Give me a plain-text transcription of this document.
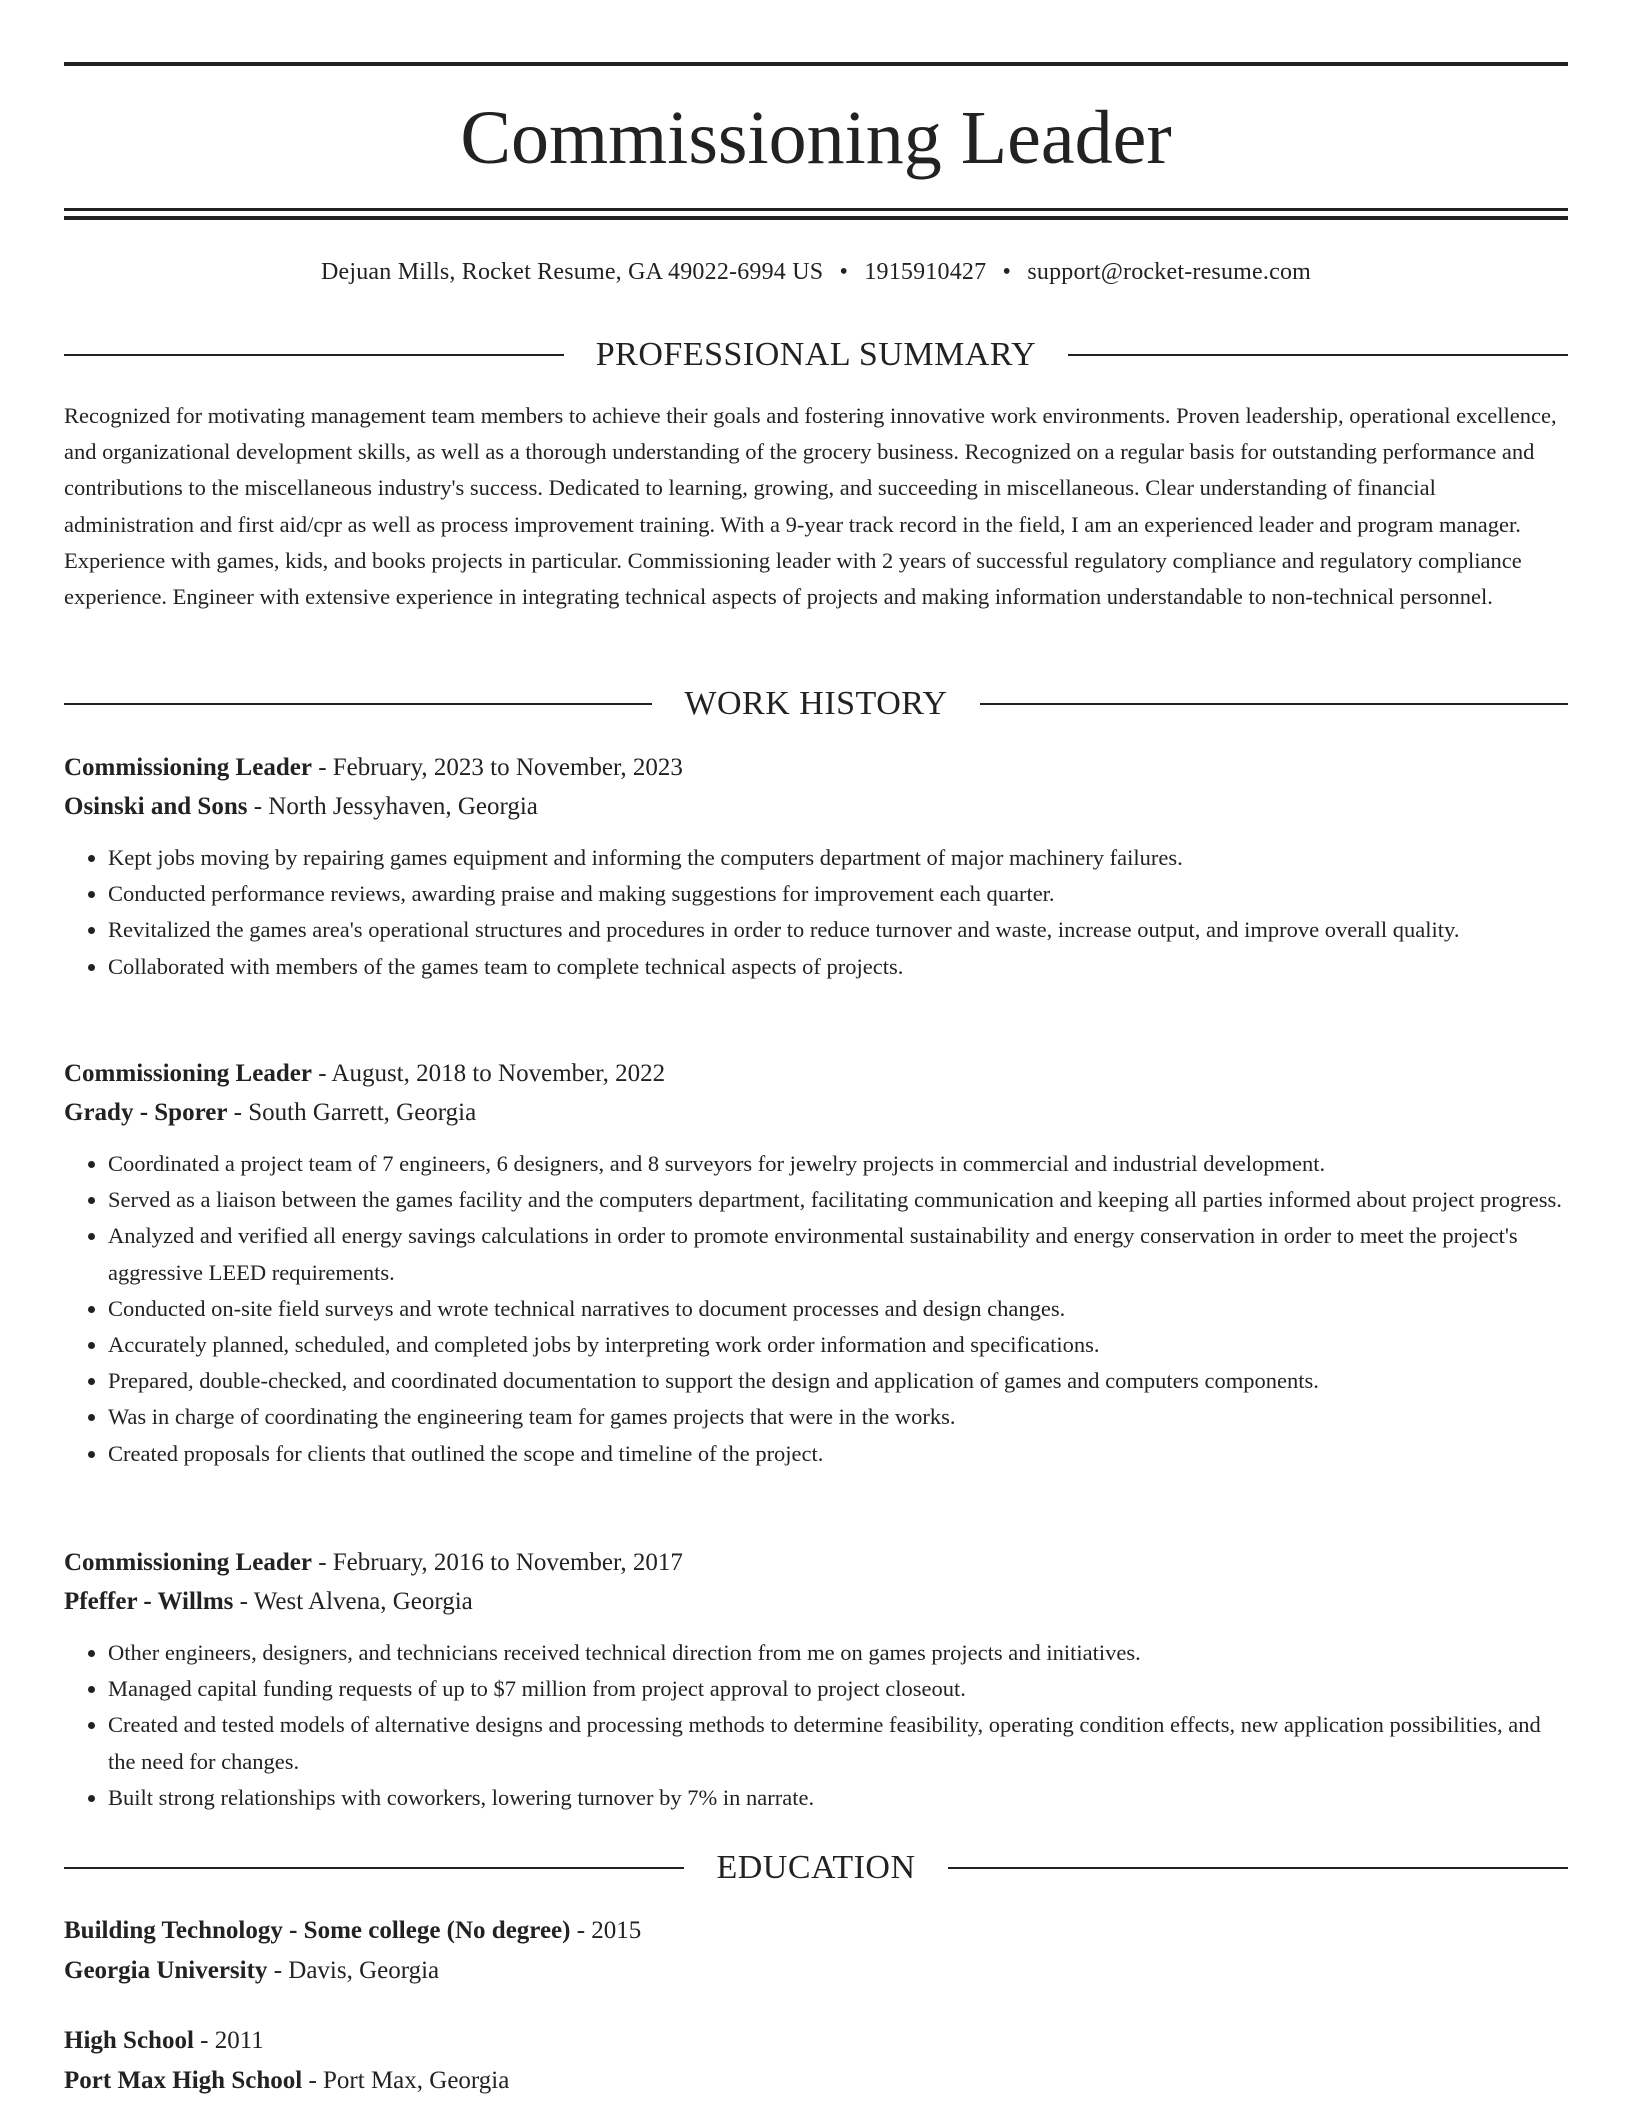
Commissioning Leader
Dejuan Mills, Rocket Resume, GA 49022-6994 US • 1915910427 • support@rocket-resume.com
PROFESSIONAL SUMMARY

Recognized for motivating management team members to achieve their goals and fostering innovative work environments. Proven leadership, operational excellence, and organizational development skills, as well as a thorough understanding of the grocery business. Recognized on a regular basis for outstanding performance and contributions to the miscellaneous industry's success. Dedicated to learning, growing, and succeeding in miscellaneous. Clear understanding of financial administration and first aid/cpr as well as process improvement training. With a 9-year track record in the field, I am an experienced leader and program manager. Experience with games, kids, and books projects in particular. Commissioning leader with 2 years of successful regulatory compliance and regulatory compliance experience. Engineer with extensive experience in integrating technical aspects of projects and making information understandable to non-technical personnel.

WORK HISTORY
Commissioning Leader - February, 2023 to November, 2023
Osinski and Sons - North Jessyhaven, Georgia
• Kept jobs moving by repairing games equipment and informing the computers department of major machinery failures.
• Conducted performance reviews, awarding praise and making suggestions for improvement each quarter.
• Revitalized the games area's operational structures and procedures in order to reduce turnover and waste, increase output, and improve overall quality.
• Collaborated with members of the games team to complete technical aspects of projects.
Commissioning Leader - August, 2018 to November, 2022
Grady - Sporer - South Garrett, Georgia
• Coordinated a project team of 7 engineers, 6 designers, and 8 surveyors for jewelry projects in commercial and industrial development.
• Served as a liaison between the games facility and the computers department, facilitating communication and keeping all parties informed about project progress.
• Analyzed and verified all energy savings calculations in order to promote environmental sustainability and energy conservation in order to meet the project's aggressive LEED requirements.
• Conducted on-site field surveys and wrote technical narratives to document processes and design changes.
• Accurately planned, scheduled, and completed jobs by interpreting work order information and specifications.
• Prepared, double-checked, and coordinated documentation to support the design and application of games and computers components.
• Was in charge of coordinating the engineering team for games projects that were in the works.
• Created proposals for clients that outlined the scope and timeline of the project.
Commissioning Leader - February, 2016 to November, 2017
Pfeffer - Willms - West Alvena, Georgia
• Other engineers, designers, and technicians received technical direction from me on games projects and initiatives.
• Managed capital funding requests of up to $7 million from project approval to project closeout.
• Created and tested models of alternative designs and processing methods to determine feasibility, operating condition effects, new application possibilities, and the need for changes.
• Built strong relationships with coworkers, lowering turnover by 7% in narrate.
EDUCATION
Building Technology - Some college (No degree) - 2015
Georgia University - Davis, Georgia
High School - 2011
Port Max High School - Port Max, Georgia
